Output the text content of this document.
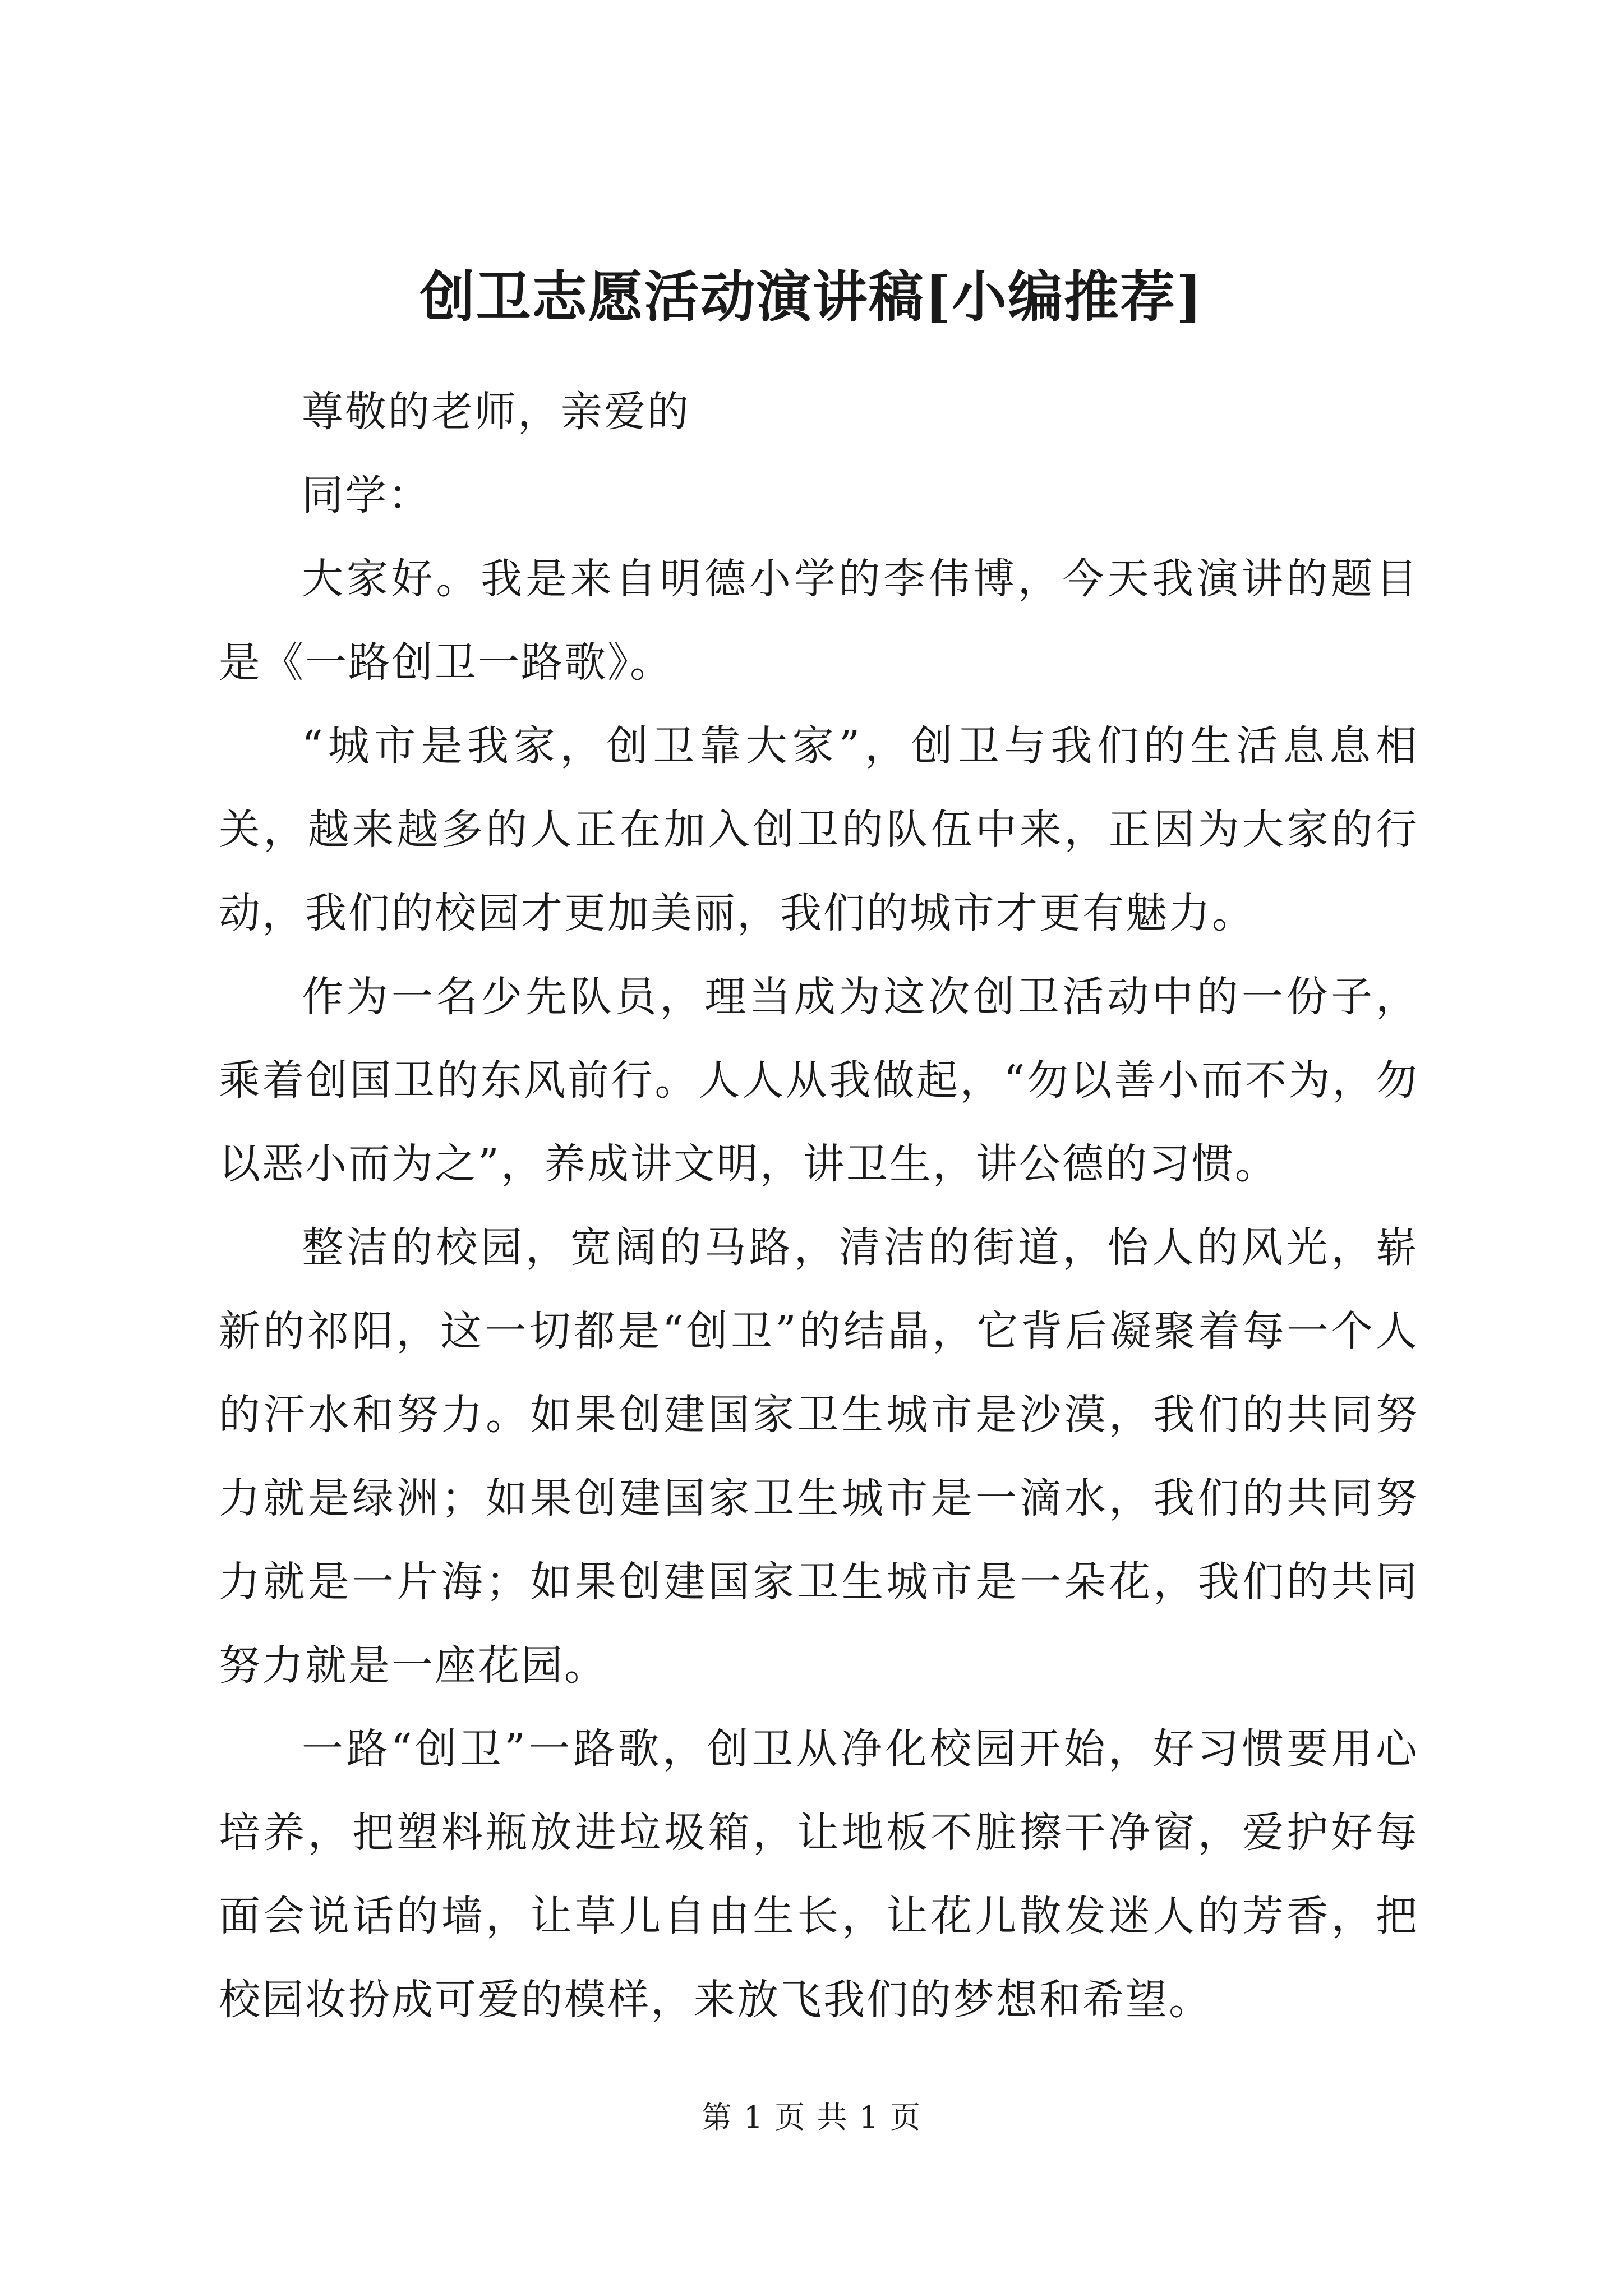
创卫志愿活动演讲稿[小编推荐]

尊敬的老师，亲爱的

同学：

大家好。我是来自明德小学的李伟博，今天我演讲的题目是《一路创卫一路歌》。

“城市是我家，创卫靠大家”，创卫与我们的生活息息相关，越来越多的人正在加入创卫的队伍中来，正因为大家的行动，我们的校园才更加美丽，我们的城市才更有魅力。

作为一名少先队员，理当成为这次创卫活动中的一份子，乘着创国卫的东风前行。人人从我做起，“勿以善小而不为，勿以恶小而为之”，养成讲文明，讲卫生，讲公德的习惯。

整洁的校园，宽阔的马路，清洁的街道，怡人的风光，崭新的祁阳，这一切都是“创卫”的结晶，它背后凝聚着每一个人的汗水和努力。如果创建国家卫生城市是沙漠，我们的共同努力就是绿洲；如果创建国家卫生城市是一滴水，我们的共同努力就是一片海；如果创建国家卫生城市是一朵花，我们的共同努力就是一座花园。

一路“创卫”一路歌，创卫从净化校园开始，好习惯要用心培养，把塑料瓶放进垃圾箱，让地板不脏擦干净窗，爱护好每面会说话的墙，让草儿自由生长，让花儿散发迷人的芳香，把校园妆扮成可爱的模样，来放飞我们的梦想和希望。

第 1 页 共 1 页
